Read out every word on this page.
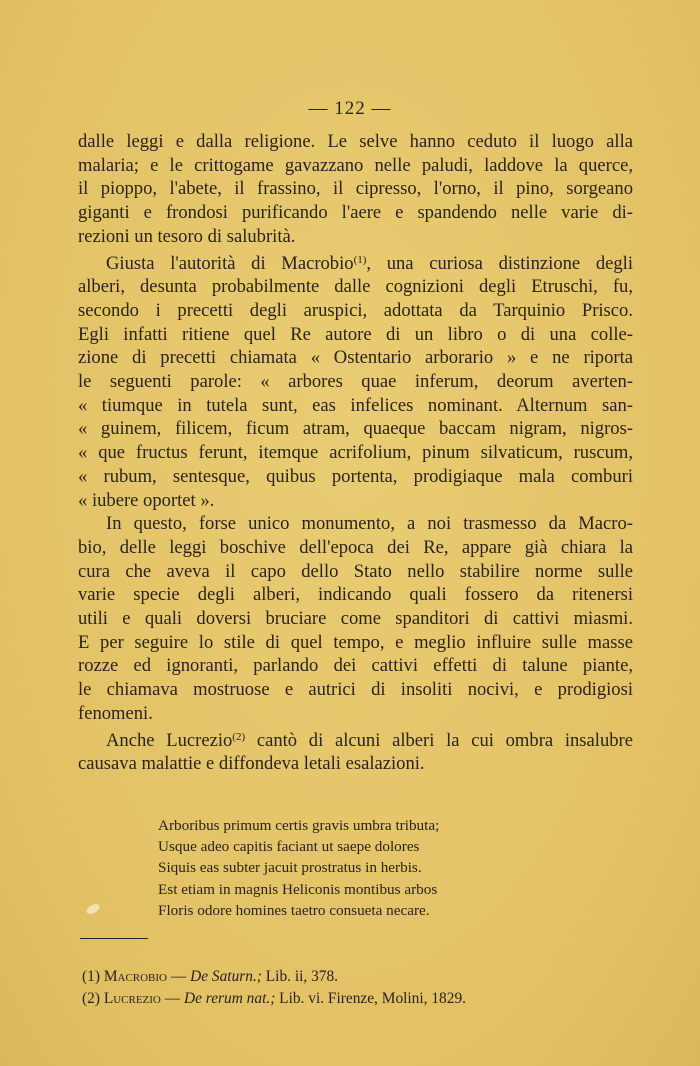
— 122 —
dalle leggi e dalla religione. Le selve hanno ceduto il luogo alla
malaria; e le crittogame gavazzano nelle paludi, laddove la querce,
il pioppo, l'abete, il frassino, il cipresso, l'orno, il pino, sorgeano
giganti e frondosi purificando l'aere e spandendo nelle varie di-
rezioni un tesoro di salubrità.
Giusta l'autorità di Macrobio$^{(1)}$, una curiosa distinzione degli
alberi, desunta probabilmente dalle cognizioni degli Etruschi, fu,
secondo i precetti degli aruspici, adottata da Tarquinio Prisco.
Egli infatti ritiene quel Re autore di un libro o di una colle-
zione di precetti chiamata « Ostentario arborario » e ne riporta
le seguenti parole: « arbores quae inferum, deorum averten-
« tiumque in tutela sunt, eas infelices nominant. Alternum san-
« guinem, filicem, ficum atram, quaeque baccam nigram, nigros-
« que fructus ferunt, itemque acrifolium, pinum silvaticum, ruscum,
« rubum, sentesque, quibus portenta, prodigiaque mala comburi
« iubere oportet ».
In questo, forse unico monumento, a noi trasmesso da Macro-
bio, delle leggi boschive dell'epoca dei Re, appare già chiara la
cura che aveva il capo dello Stato nello stabilire norme sulle
varie specie degli alberi, indicando quali fossero da ritenersi
utili e quali doversi bruciare come spanditori di cattivi miasmi.
E per seguire lo stile di quel tempo, e meglio influire sulle masse
rozze ed ignoranti, parlando dei cattivi effetti di talune piante,
le chiamava mostruose e autrici di insoliti nocivi, e prodigiosi
fenomeni.
Anche Lucrezio$^{(2)}$ cantò di alcuni alberi la cui ombra insalubre
causava malattie e diffondeva letali esalazioni.
Arboribus primum certis gravis umbra tributa;
Usque adeo capitis faciant ut saepe dolores
Siquis eas subter jacuit prostratus in herbis.
Est etiam in magnis Heliconis montibus arbos
Floris odore homines taetro consueta necare.
(1) Macrobio — De Saturn.; Lib. ii, 378.
(2) Lucrezio — De rerum nat.; Lib. vi. Firenze, Molini, 1829.
